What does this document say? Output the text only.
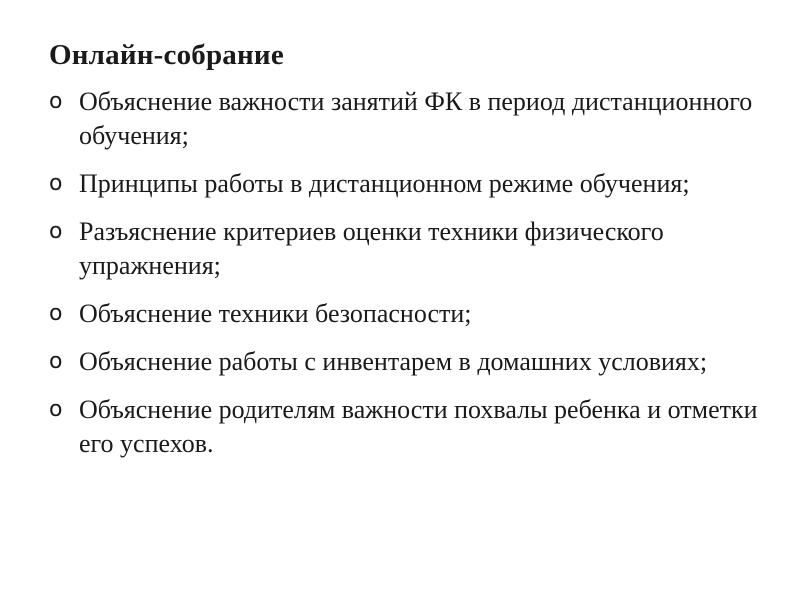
Онлайн-собрание
o Объяснение важности занятий ФК в период дистанционного обучения;
o Принципы работы в дистанционном режиме обучения;
o Разъяснение критериев оценки техники физического упражнения;
o Объяснение техники безопасности;
o Объяснение работы с инвентарем в домашних условиях;
o Объяснение родителям важности похвалы ребенка и отметки его успехов.
